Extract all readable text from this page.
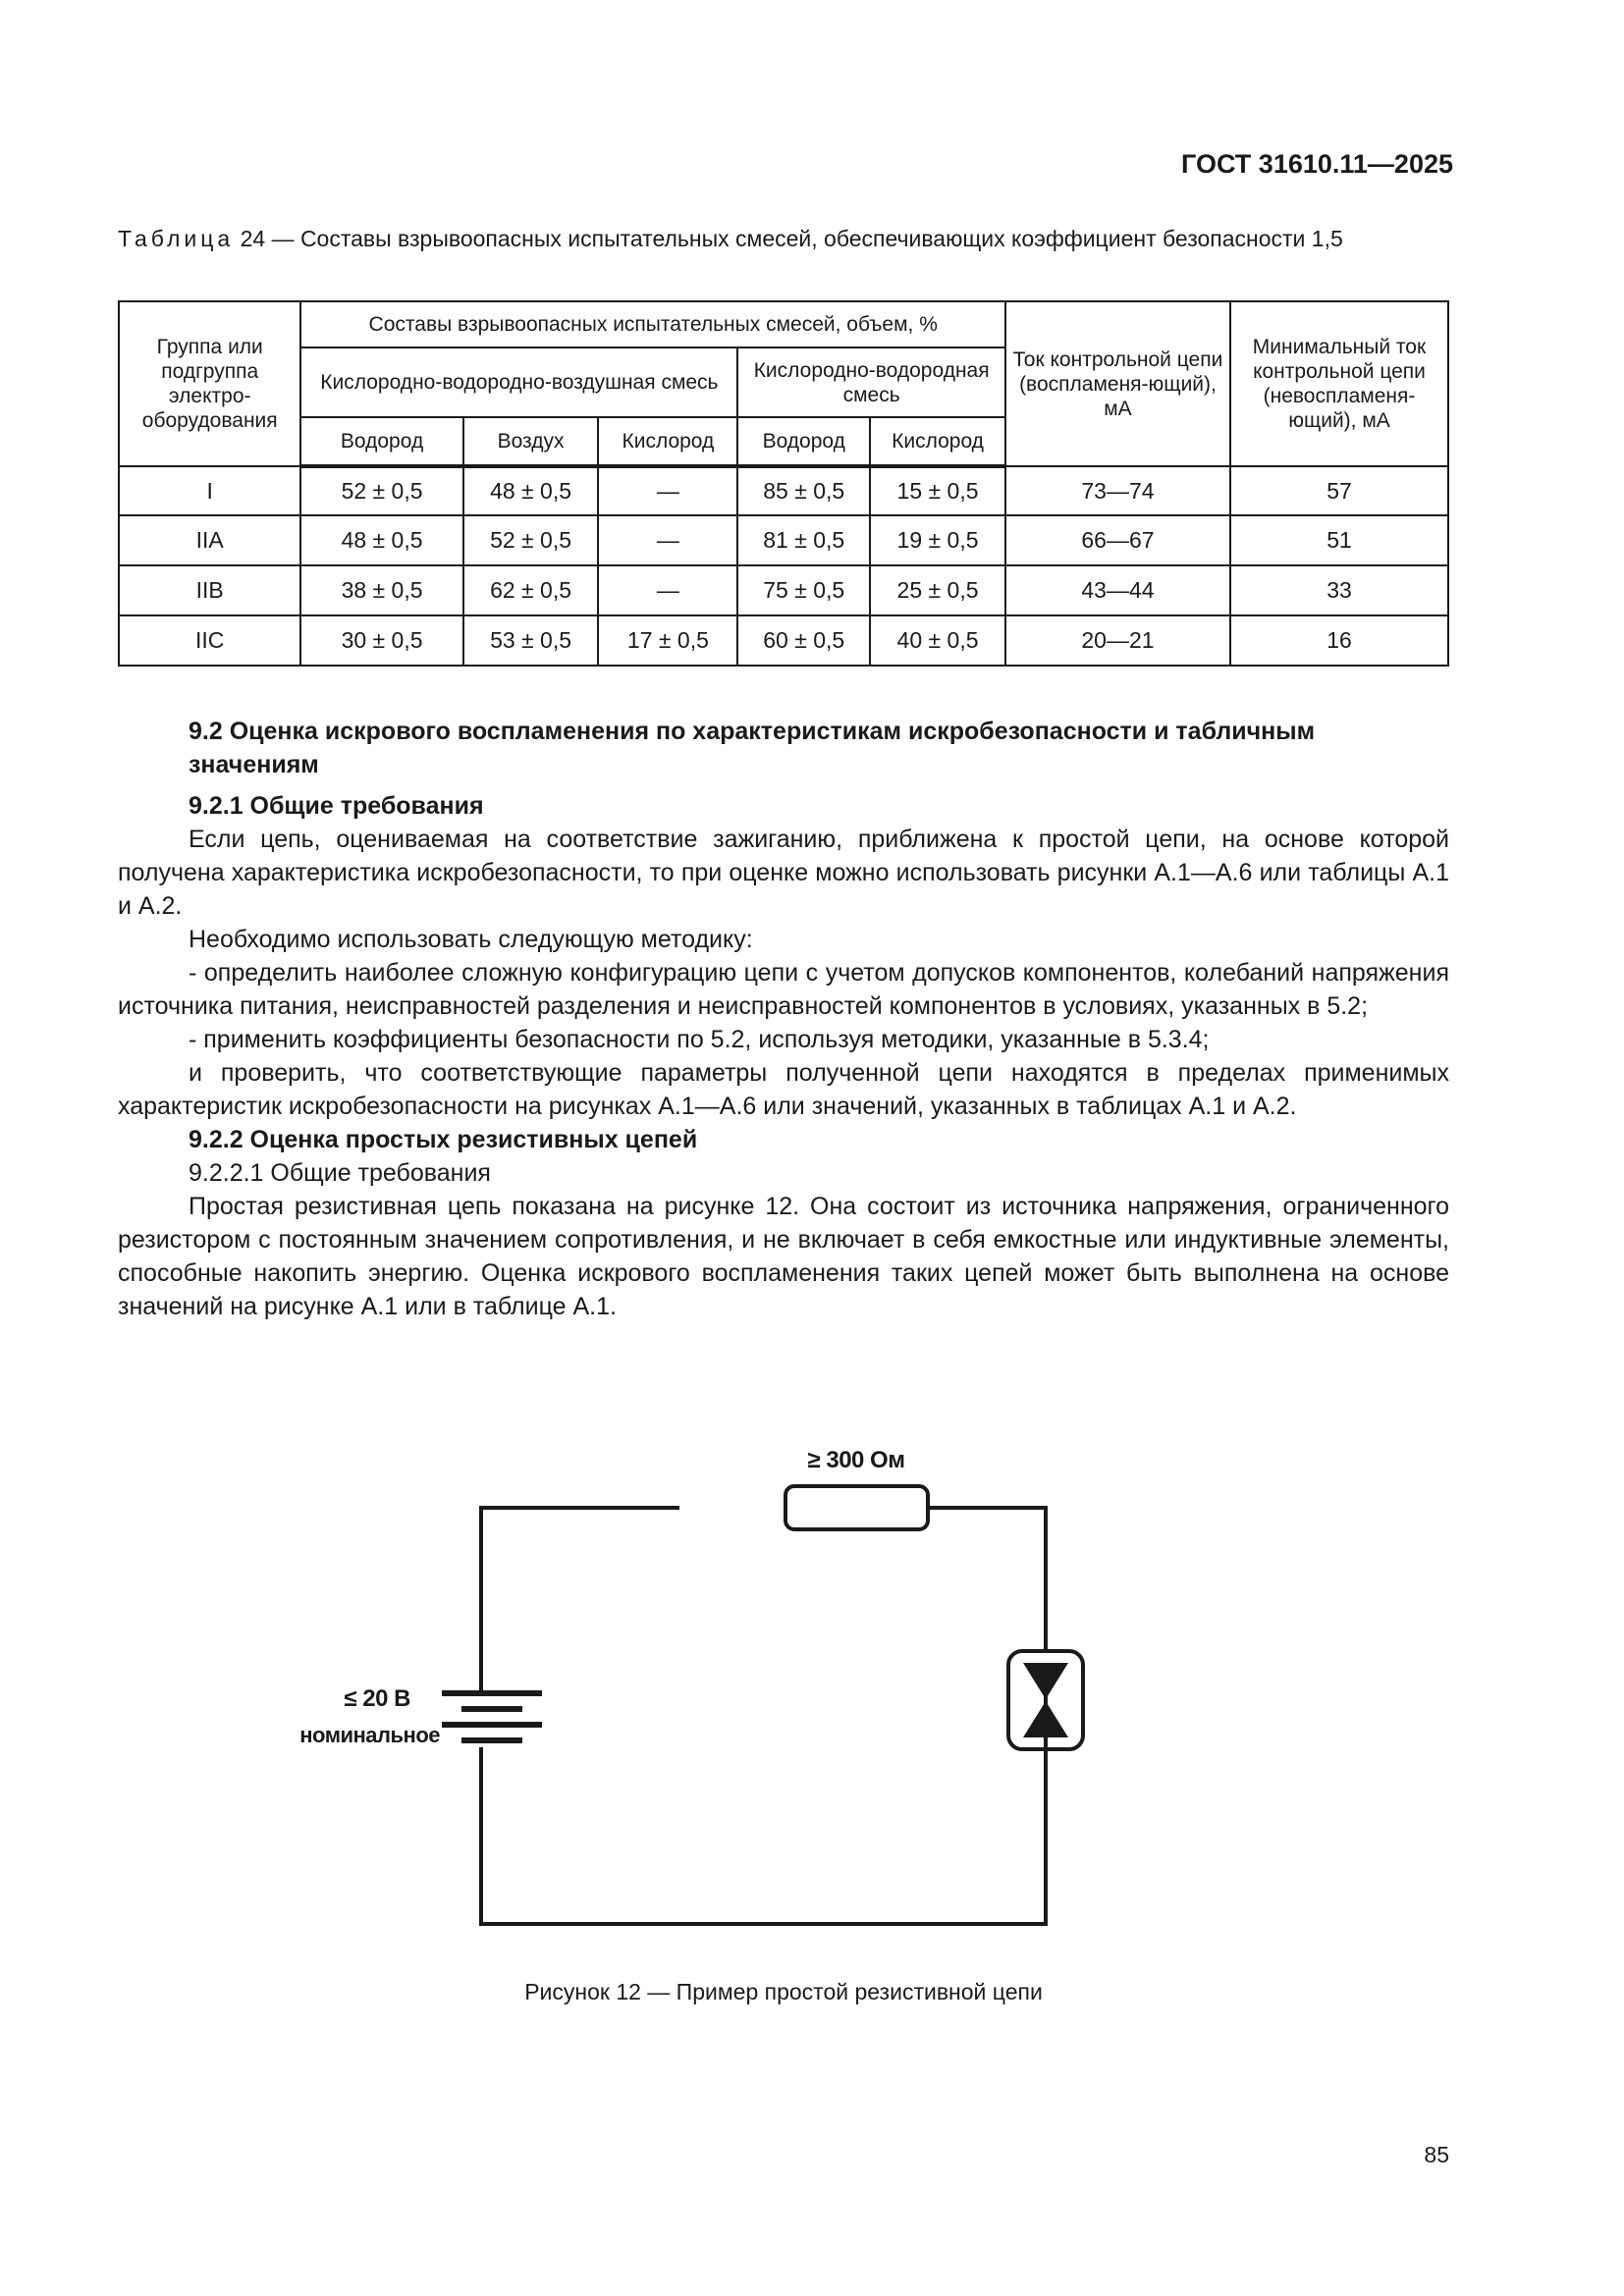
ГОСТ 31610.11—2025
Таблица 24 — Составы взрывоопасных испытательных смесей, обеспечивающих коэффициент безопасности 1,5
Группа или подгруппа электро-оборудования	Составы взрывоопасных испытательных смесей, объем, %					Ток контрольной цепи (воспламеня-ющий), мА	Минимальный ток контрольной цепи (невоспламеня-ющий), мА
	Кислородно-водородно-воздушная смесь			Кислородно-водородная смесь			
	Водород	Воздух	Кислород	Водород	Кислород		
I	52 ± 0,5	48 ± 0,5	—	85 ± 0,5	15 ± 0,5	73—74	57
IIA	48 ± 0,5	52 ± 0,5	—	81 ± 0,5	19 ± 0,5	66—67	51
IIB	38 ± 0,5	62 ± 0,5	—	75 ± 0,5	25 ± 0,5	43—44	33
IIC	30 ± 0,5	53 ± 0,5	17 ± 0,5	60 ± 0,5	40 ± 0,5	20—21	16
9.2 Оценка искрового воспламенения по характеристикам искробезопасности и табличным значениям
9.2.1 Общие требования
Если цепь, оцениваемая на соответствие зажиганию, приближена к простой цепи, на основе которой получена характеристика искробезопасности, то при оценке можно использовать рисунки А.1—А.6 или таблицы А.1 и А.2.
Необходимо использовать следующую методику:
- определить наиболее сложную конфигурацию цепи с учетом допусков компонентов, колебаний напряжения источника питания, неисправностей разделения и неисправностей компонентов в условиях, указанных в 5.2;
- применить коэффициенты безопасности по 5.2, используя методики, указанные в 5.3.4;
и проверить, что соответствующие параметры полученной цепи находятся в пределах применимых характеристик искробезопасности на рисунках А.1—А.6 или значений, указанных в таблицах А.1 и А.2.
9.2.2 Оценка простых резистивных цепей
9.2.2.1 Общие требования
Простая резистивная цепь показана на рисунке 12. Она состоит из источника напряжения, ограниченного резистором с постоянным значением сопротивления, и не включает в себя емкостные или индуктивные элементы, способные накопить энергию. Оценка искрового воспламенения таких цепей может быть выполнена на основе значений на рисунке А.1 или в таблице А.1.
≥ 300 Ом
≤ 20 В
номинальное
Рисунок 12 — Пример простой резистивной цепи
85
